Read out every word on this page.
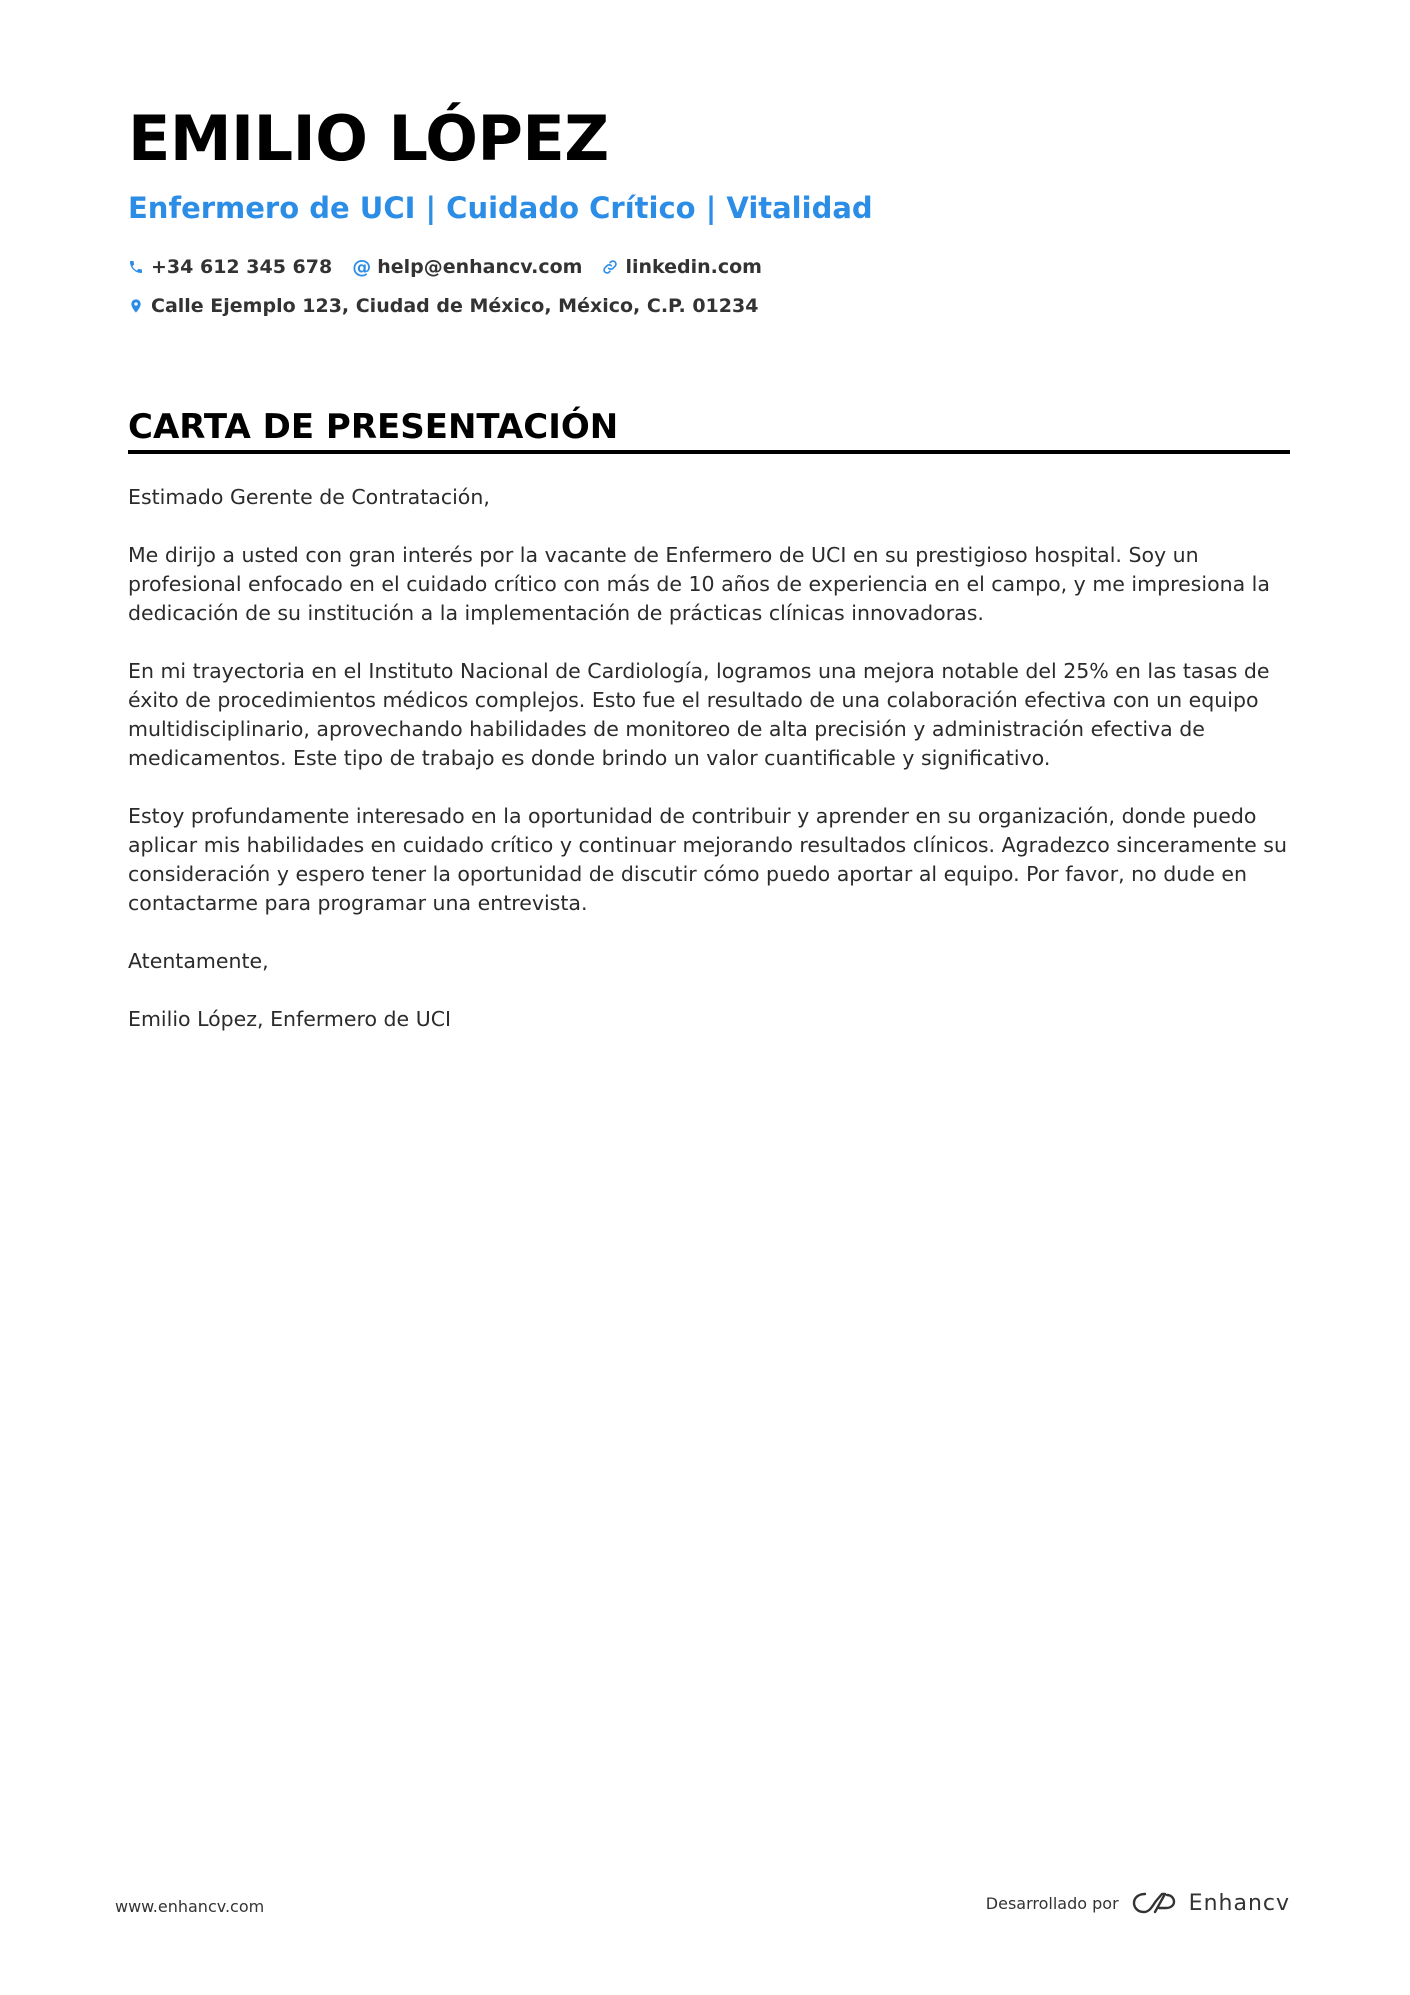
EMILIO LÓPEZ
Enfermero de UCI | Cuidado Crítico | Vitalidad
+34 612 345 678 @ help@enhancv.com linkedin.com
Calle Ejemplo 123, Ciudad de México, México, C.P. 01234
CARTA DE PRESENTACIÓN

Estimado Gerente de Contratación,

Me dirijo a usted con gran interés por la vacante de Enfermero de UCI en su prestigioso hospital. Soy un profesional enfocado en el cuidado crítico con más de 10 años de experiencia en el campo, y me impresiona la dedicación de su institución a la implementación de prácticas clínicas innovadoras.

En mi trayectoria en el Instituto Nacional de Cardiología, logramos una mejora notable del 25% en las tasas de éxito de procedimientos médicos complejos. Esto fue el resultado de una colaboración efectiva con un equipo multidisciplinario, aprovechando habilidades de monitoreo de alta precisión y administración efectiva de medicamentos. Este tipo de trabajo es donde brindo un valor cuantificable y significativo.

Estoy profundamente interesado en la oportunidad de contribuir y aprender en su organización, donde puedo aplicar mis habilidades en cuidado crítico y continuar mejorando resultados clínicos. Agradezco sinceramente su consideración y espero tener la oportunidad de discutir cómo puedo aportar al equipo. Por favor, no dude en contactarme para programar una entrevista.

Atentamente,

Emilio López, Enfermero de UCI

www.enhancv.com	Desarrollado por	Enhancv
